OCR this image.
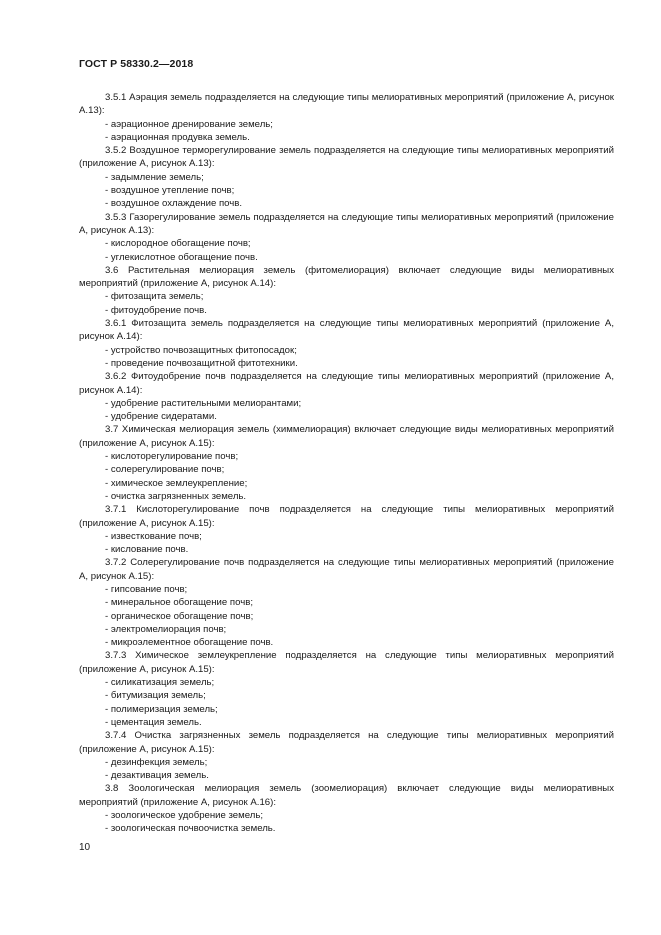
ГОСТ Р 58330.2—2018

3.5.1 Аэрация земель подразделяется на следующие типы мелиоративных мероприятий (приложение А, рисунок А.13):

- аэрационное дренирование земель;

- аэрационная продувка земель.

3.5.2 Воздушное терморегулирование земель подразделяется на следующие типы мелиоративных мероприятий (приложение А, рисунок А.13):

- задымление земель;

- воздушное утепление почв;

- воздушное охлаждение почв.

3.5.3 Газорегулирование земель подразделяется на следующие типы мелиоративных мероприятий (приложение А, рисунок А.13):

- кислородное обогащение почв;

- углекислотное обогащение почв.

3.6 Растительная мелиорация земель (фитомелиорация) включает следующие виды мелиоративных мероприятий (приложение А, рисунок А.14):

- фитозащита земель;

- фитоудобрение почв.

3.6.1 Фитозащита земель подразделяется на следующие типы мелиоративных мероприятий (приложение А, рисунок А.14):

- устройство почвозащитных фитопосадок;

- проведение почвозащитной фитотехники.

3.6.2 Фитоудобрение почв подразделяется на следующие типы мелиоративных мероприятий (приложение А, рисунок А.14):

- удобрение растительными мелиорантами;

- удобрение сидератами.

3.7 Химическая мелиорация земель (химмелиорация) включает следующие виды мелиоративных мероприятий (приложение А, рисунок А.15):

- кислоторегулирование почв;

- солерегулирование почв;

- химическое землеукрепление;

- очистка загрязненных земель.

3.7.1 Кислоторегулирование почв подразделяется на следующие типы мелиоративных мероприятий (приложение А, рисунок А.15):

- известкование почв;

- кислование почв.

3.7.2 Солерегулирование почв подразделяется на следующие типы мелиоративных мероприятий (приложение А, рисунок А.15):

- гипсование почв;

- минеральное обогащение почв;

- органическое обогащение почв;

- электромелиорация почв;

- микроэлементное обогащение почв.

3.7.3 Химическое землеукрепление подразделяется на следующие типы мелиоративных мероприятий (приложение А, рисунок А.15):

- силикатизация земель;

- битумизация земель;

- полимеризация земель;

- цементация земель.

3.7.4 Очистка загрязненных земель подразделяется на следующие типы мелиоративных мероприятий (приложение А, рисунок А.15):

- дезинфекция земель;

- дезактивация земель.

3.8 Зоологическая мелиорация земель (зоомелиорация) включает следующие виды мелиоративных мероприятий (приложение А, рисунок А.16):

- зоологическое удобрение земель;

- зоологическая почвоочистка земель.

10
